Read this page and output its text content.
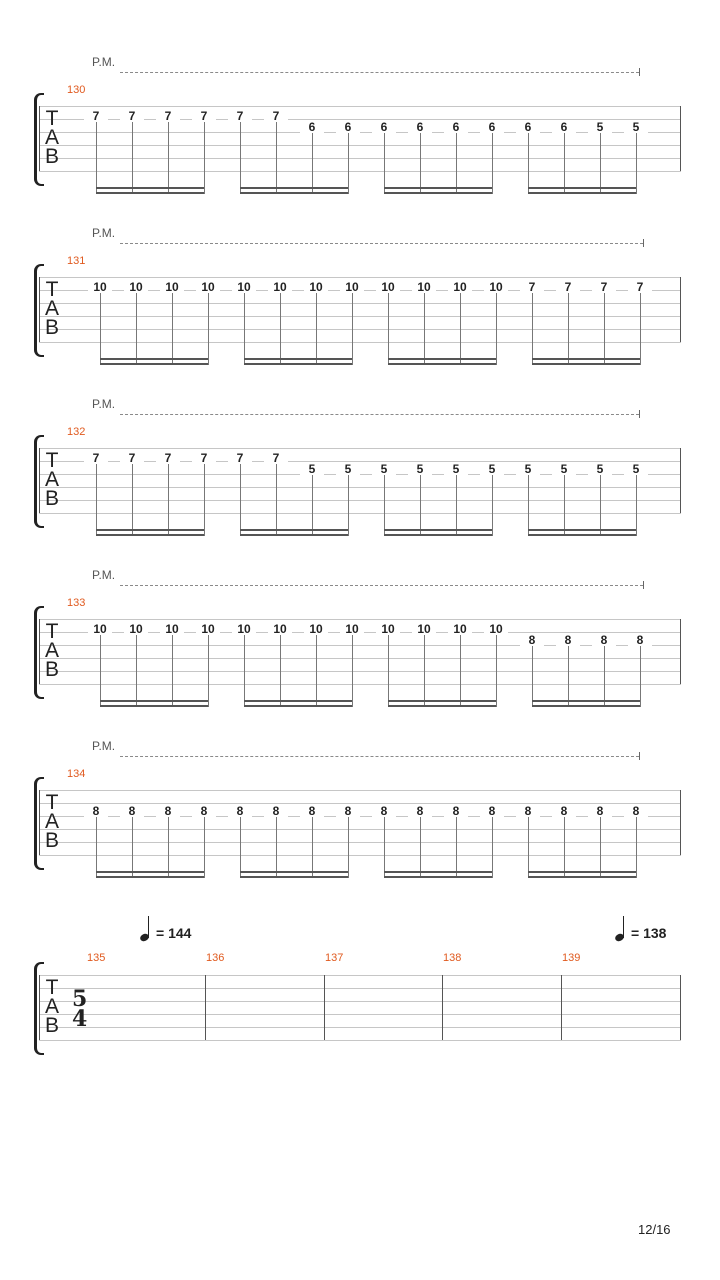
P.M.
130
T
A
B
7	7	7	7	7	7
6	6	6	6	6	6	6	6	5	5
P.M.
131
T
A
B
10	10	10	10	10	10	10	10	10	10	10	10	7	7	7	7
P.M.
132
T
A
B
7	7	7	7	7	7
5	5	5	5	5	5	5	5	5	5
P.M.
133
T
A
B
10	10	10	10	10	10	10	10	10	10	10	10
8	8	8	8
P.M.
134
T
A
B
8	8	8	8	8	8	8	8	8	8	8	8	8	8	8	8
T
A
B
5
4
135	136	137	138	139
= 144	= 138
12/16
